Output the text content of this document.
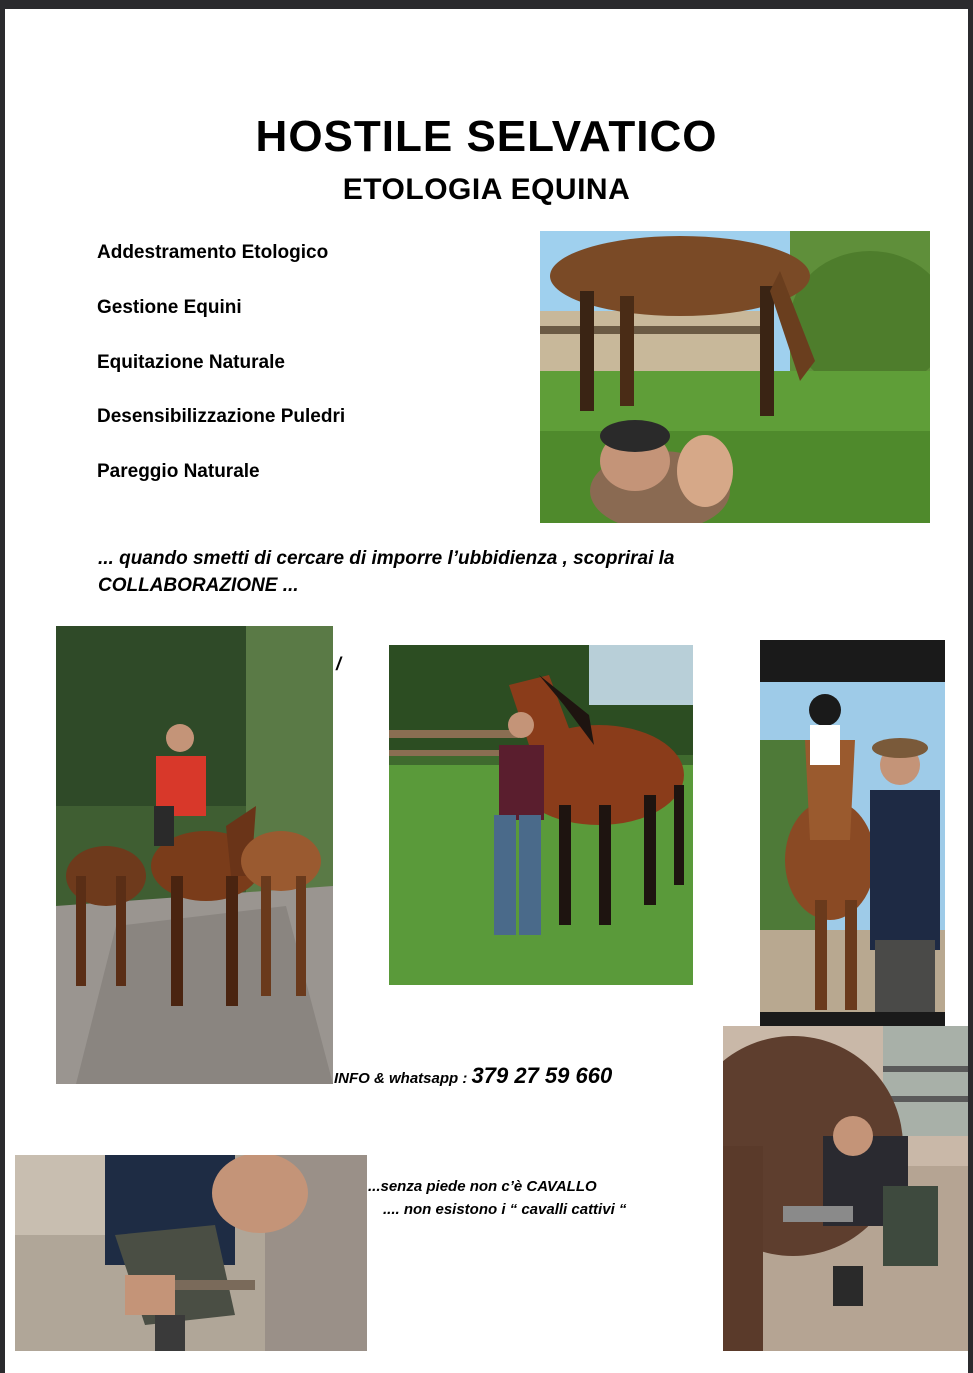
HOSTILE SELVATICO
ETOLOGIA EQUINA
Addestramento Etologico
Gestione Equini
Equitazione Naturale
Desensibilizzazione Puledri
Pareggio Naturale
... quando smetti di cercare di imporre l’ubbidienza , scoprirai la
COLLABORAZIONE ...
/
INFO & whatsapp : 379 27 59 660
...senza piede non c’è CAVALLO
.... non esistono i “ cavalli cattivi “
